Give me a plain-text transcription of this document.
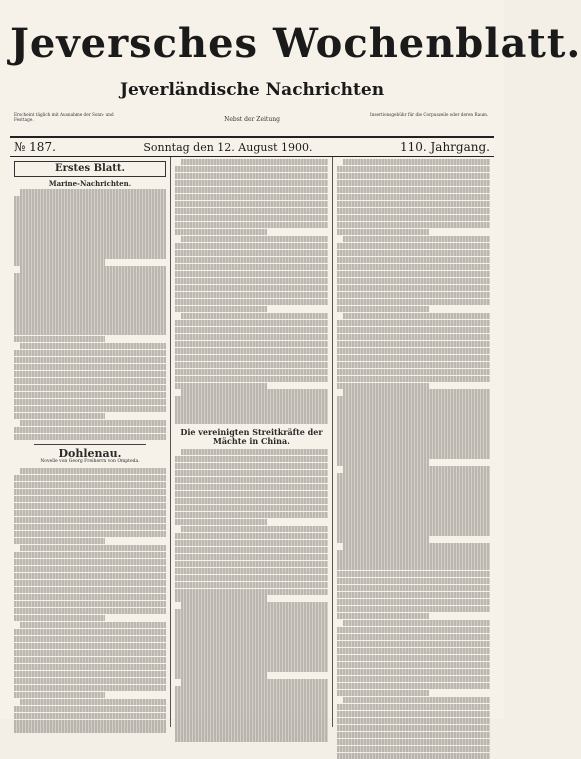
Jeversches Wochenblatt.
Jeverländische Nachrichten
Erscheint täglich mit Ausnahme der Sonn- und Festtage.	Nebst der Zeitung
Insertionsgebühr für die Corpuszeile oder deren Raum.
№ 187.	Sonntag den 12. August 1900.	110. Jahrgang.
Erstes Blatt.
Marine-Nachrichten.
Dohlenau.
Novelle von Georg Freiherrn von Ompteda.
Die vereinigten Streitkräfte der Mächte in China.
